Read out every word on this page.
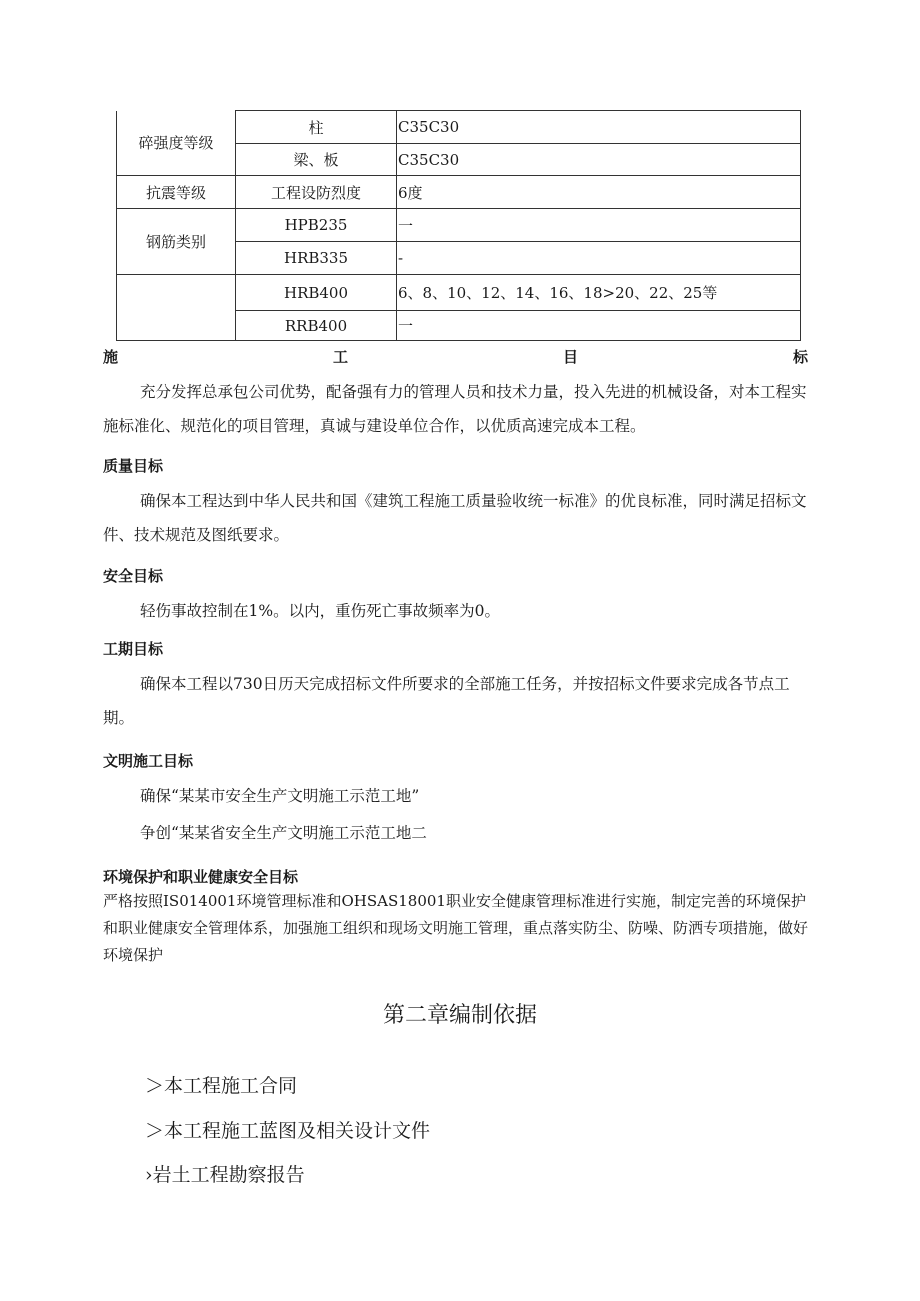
碎强度等级	柱	C35C30
	梁、板	C35C30
抗震等级	工程设防烈度	6度
钢筋类别	HPB235	一
	HRB335	-
	HRB400	6、8、10、12、14、16、18>20、22、25等
	RRB400	一
施	工	目	标

充分发挥总承包公司优势，配备强有力的管理人员和技术力量，投入先进的机械设备，对本工程实施标准化、规范化的项目管理，真诚与建设单位合作，以优质高速完成本工程。

质量目标

确保本工程达到中华人民共和国《建筑工程施工质量验收统一标准》的优良标准，同时满足招标文件、技术规范及图纸要求。

安全目标

轻伤事故控制在1%。以内，重伤死亡事故频率为0。

工期目标

确保本工程以730日历天完成招标文件所要求的全部施工任务，并按招标文件要求完成各节点工期。

文明施工目标

确保“某某市安全生产文明施工示范工地”

争创“某某省安全生产文明施工示范工地二

环境保护和职业健康安全目标

严格按照IS014001环境管理标准和OHSAS18001职业安全健康管理标准进行实施，制定完善的环境保护和职业健康安全管理体系，加强施工组织和现场文明施工管理，重点落实防尘、防噪、防洒专项措施，做好环境保护

第二章编制依据

＞本工程施工合同

＞本工程施工蓝图及相关设计文件

›岩土工程勘察报告
